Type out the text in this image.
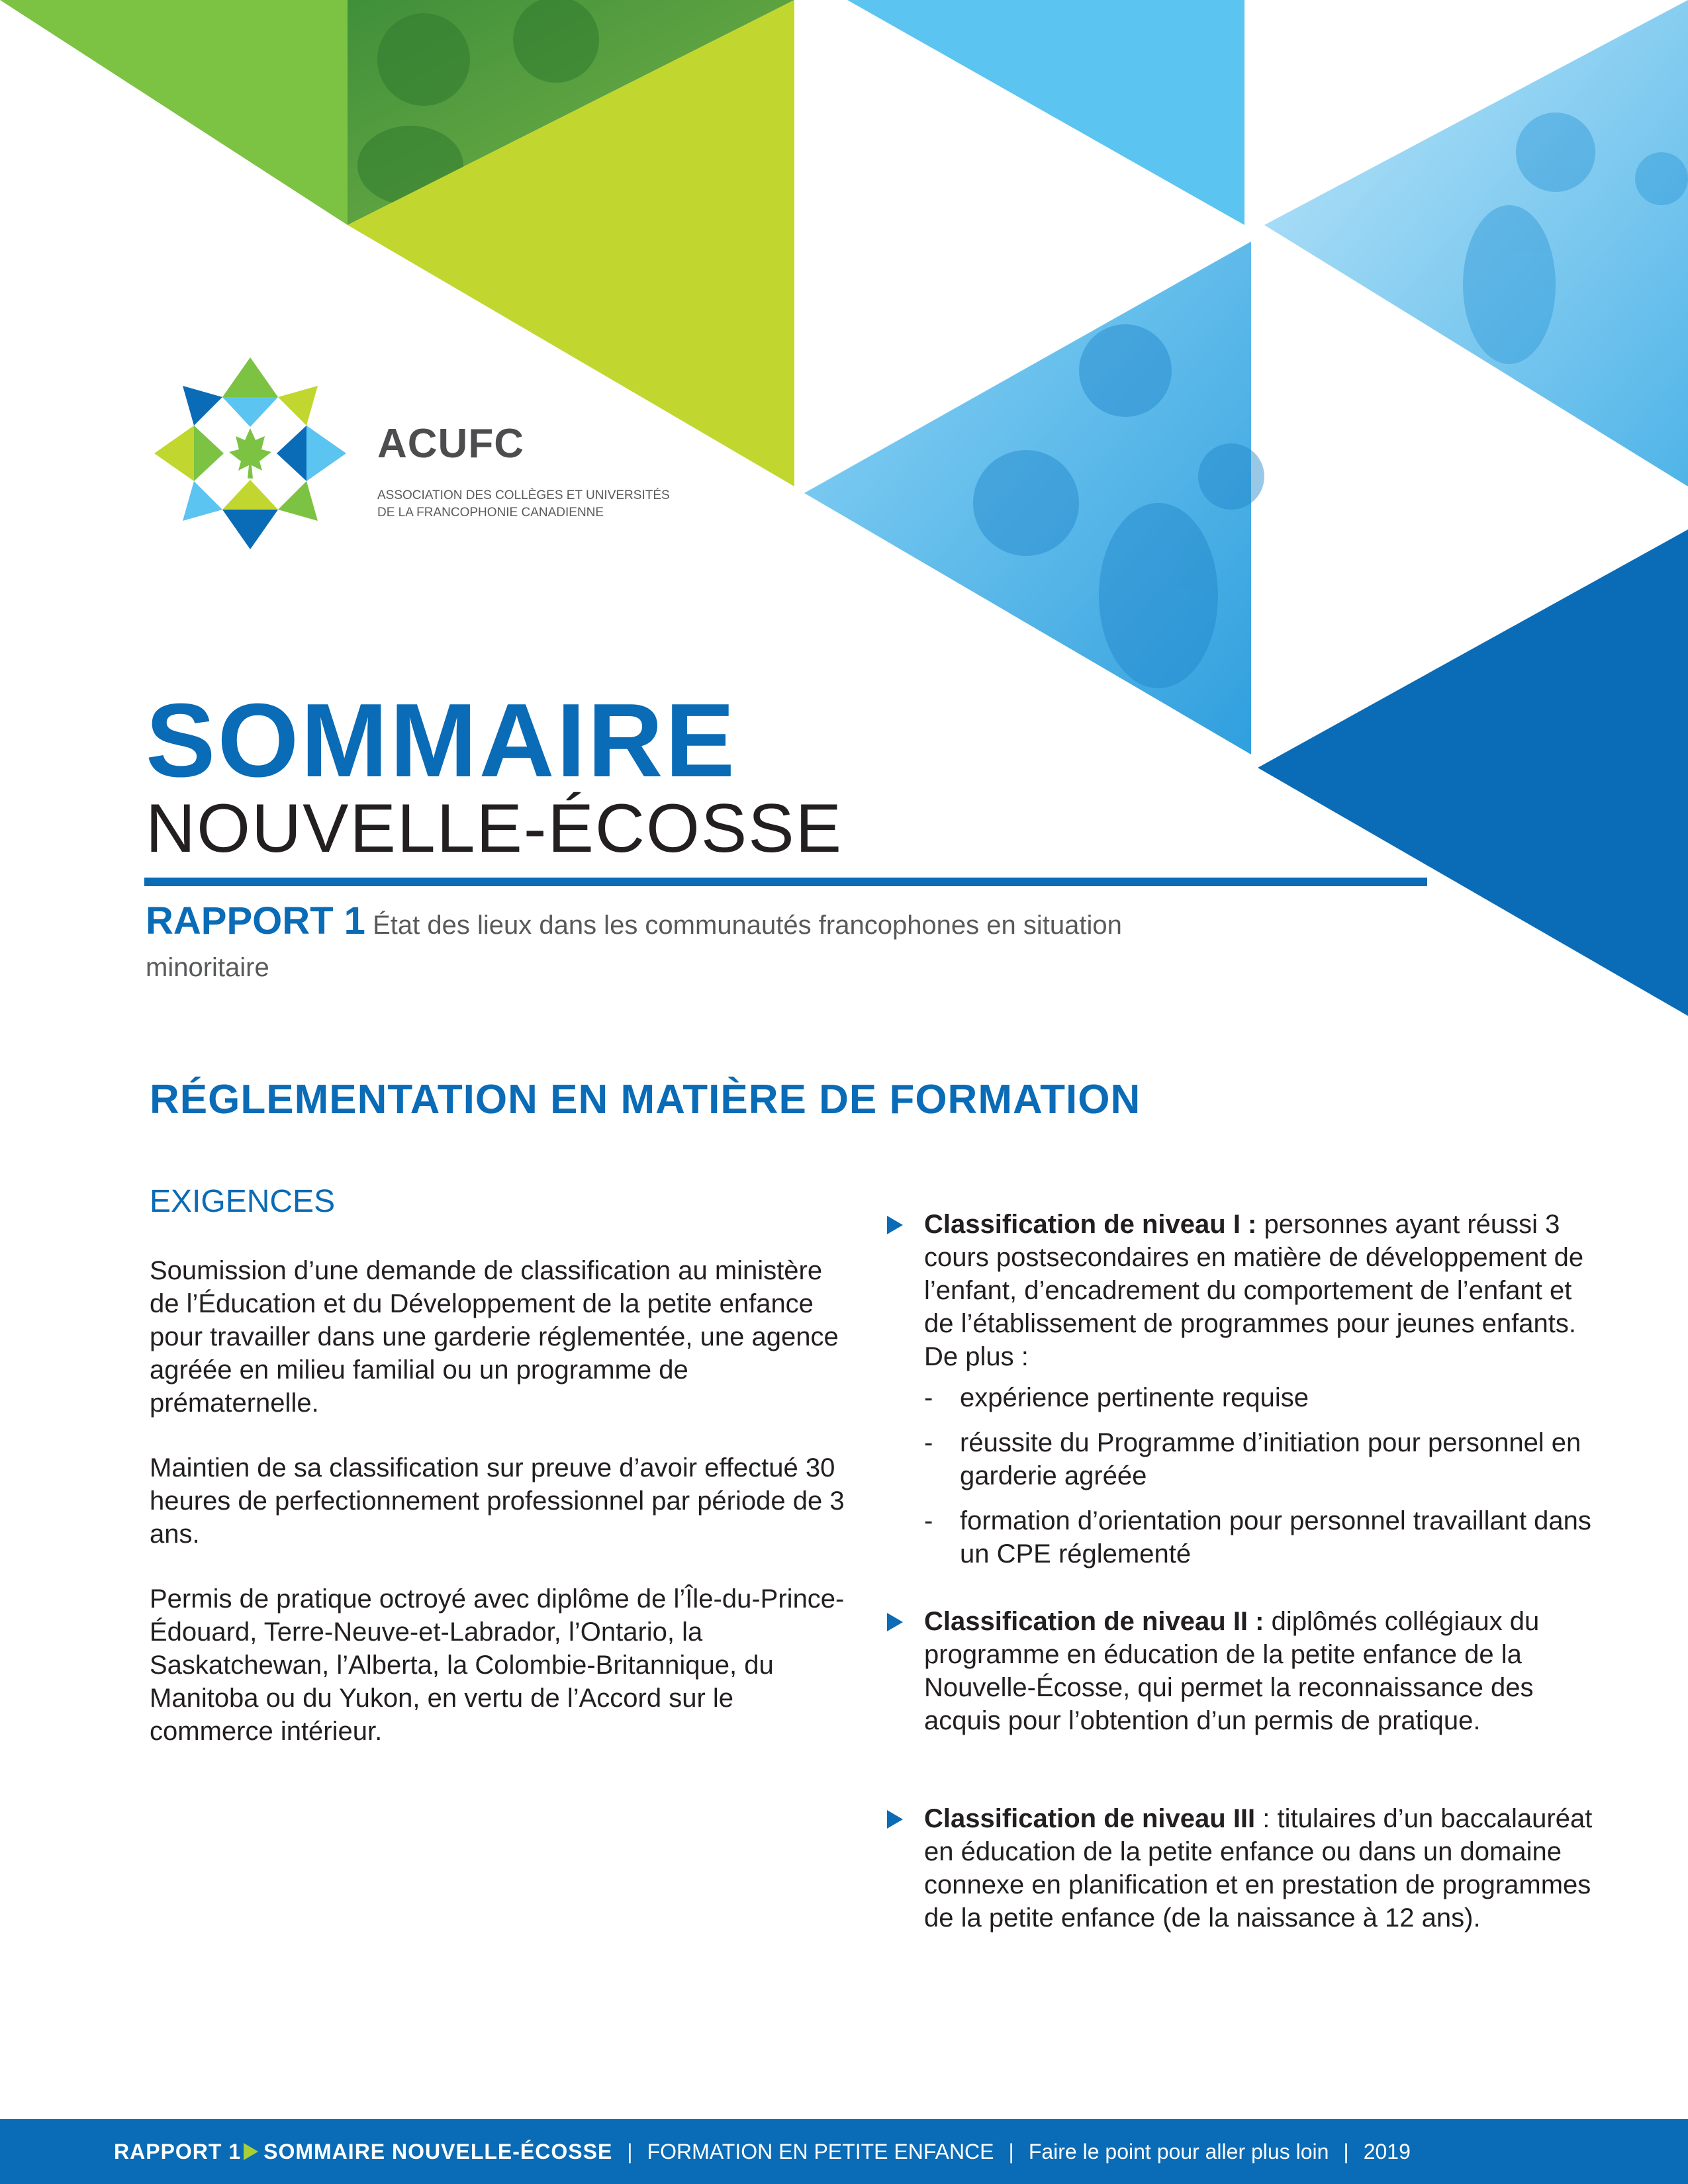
ACUFC
ASSOCIATION DES COLLÈGES ET UNIVERSITÉS
DE LA FRANCOPHONIE CANADIENNE
SOMMAIRE
NOUVELLE-ÉCOSSE
RAPPORT 1 État des lieux dans les communautés francophones en situation minoritaire
RÉGLEMENTATION EN MATIÈRE DE FORMATION
EXIGENCES

Soumission d’une demande de classification au ministère de l’Éducation et du Développement de la petite enfance pour travailler dans une garderie réglementée, une agence agréée en milieu familial ou un programme de prématernelle.

Maintien de sa classification sur preuve d’avoir effectué 30 heures de perfectionnement professionnel par période de 3 ans.

Permis de pratique octroyé avec diplôme de l’Île-du-Prince-Édouard, Terre-Neuve-et-Labrador, l’Ontario, la Saskatchewan, l’Alberta, la Colombie-Britannique, du Manitoba ou du Yukon, en vertu de l’Accord sur le commerce intérieur.

Classification de niveau I : personnes ayant réussi 3 cours postsecondaires en matière de développement de l’enfant, d’encadrement du comportement de l’enfant et de l’établissement de programmes pour jeunes enfants. De plus :
- expérience pertinente requise
- réussite du Programme d’initiation pour personnel en garderie agréée
- formation d’orientation pour personnel travaillant dans un CPE réglementé
Classification de niveau II : diplômés collégiaux du programme en éducation de la petite enfance de la Nouvelle-Écosse, qui permet la reconnaissance des acquis pour l’obtention d’un permis de pratique.
Classification de niveau III : titulaires d’un baccalauréat en éducation de la petite enfance ou dans un domaine connexe en planification et en prestation de programmes de la petite enfance (de la naissance à 12 ans).
RAPPORT 1 SOMMAIRE NOUVELLE-ÉCOSSE | FORMATION EN PETITE ENFANCE | Faire le point pour aller plus loin | 2019
